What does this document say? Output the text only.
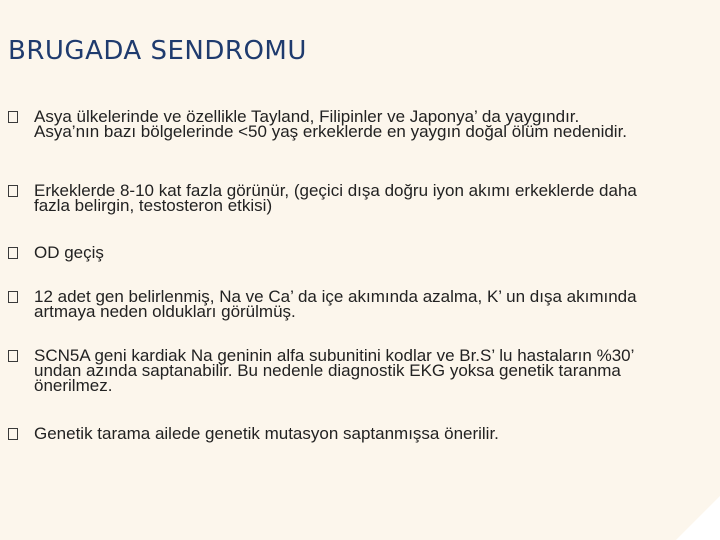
BRUGADA SENDROMU
Asya ülkelerinde ve özellikle Tayland, Filipinler ve Japonya’ da yaygındır. Asya’nın bazı bölgelerinde <50 yaş erkeklerde en yaygın doğal ölüm nedenidir.
Erkeklerde 8-10 kat fazla görünür, (geçici dışa doğru iyon akımı erkeklerde daha fazla belirgin, testosteron etkisi)
OD geçiş
12 adet gen belirlenmiş, Na ve Ca’ da içe akımında azalma, K’ un dışa akımında artmaya neden oldukları görülmüş.
SCN5A geni kardiak Na geninin alfa subunitini kodlar ve Br.S’ lu hastaların %30’ undan azında saptanabilir. Bu nedenle diagnostik EKG yoksa genetik taranma önerilmez.
Genetik tarama ailede genetik mutasyon saptanmışsa önerilir.
